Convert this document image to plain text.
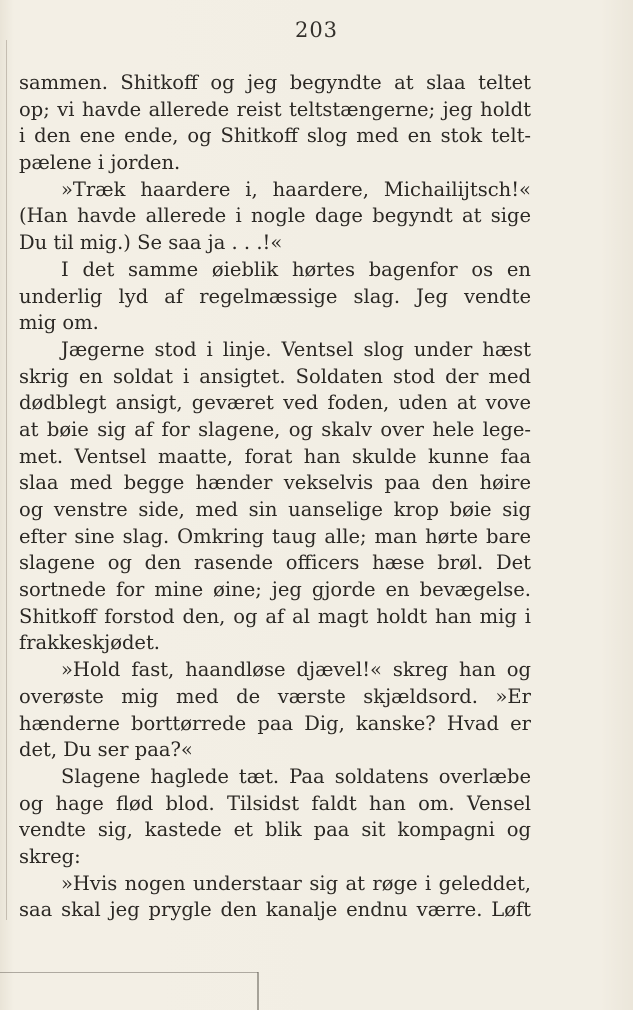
203
sammen. Shitkoff og jeg begyndte at slaa teltet
op; vi havde allerede reist teltstængerne; jeg holdt
i den ene ende, og Shitkoff slog med en stok telt-
pælene i jorden.
»Træk haardere i, haardere, Michailijtsch!«
(Han havde allerede i nogle dage begyndt at sige
Du til mig.) Se saa ja . . .!«
I det samme øieblik hørtes bagenfor os en
underlig lyd af regelmæssige slag. Jeg vendte
mig om.
Jægerne stod i linje. Ventsel slog under hæst
skrig en soldat i ansigtet. Soldaten stod der med
dødblegt ansigt, geværet ved foden, uden at vove
at bøie sig af for slagene, og skalv over hele lege-
met. Ventsel maatte, forat han skulde kunne faa
slaa med begge hænder vekselvis paa den høire
og venstre side, med sin uanselige krop bøie sig
efter sine slag. Omkring taug alle; man hørte bare
slagene og den rasende officers hæse brøl. Det
sortnede for mine øine; jeg gjorde en bevægelse.
Shitkoff forstod den, og af al magt holdt han mig i
frakkeskjødet.
»Hold fast, haandløse djævel!« skreg han og
overøste mig med de værste skjældsord. »Er
hænderne borttørrede paa Dig, kanske? Hvad er
det, Du ser paa?«
Slagene haglede tæt. Paa soldatens overlæbe
og hage flød blod. Tilsidst faldt han om. Vensel
vendte sig, kastede et blik paa sit kompagni og
skreg:
»Hvis nogen understaar sig at røge i geleddet,
saa skal jeg prygle den kanalje endnu værre. Løft
